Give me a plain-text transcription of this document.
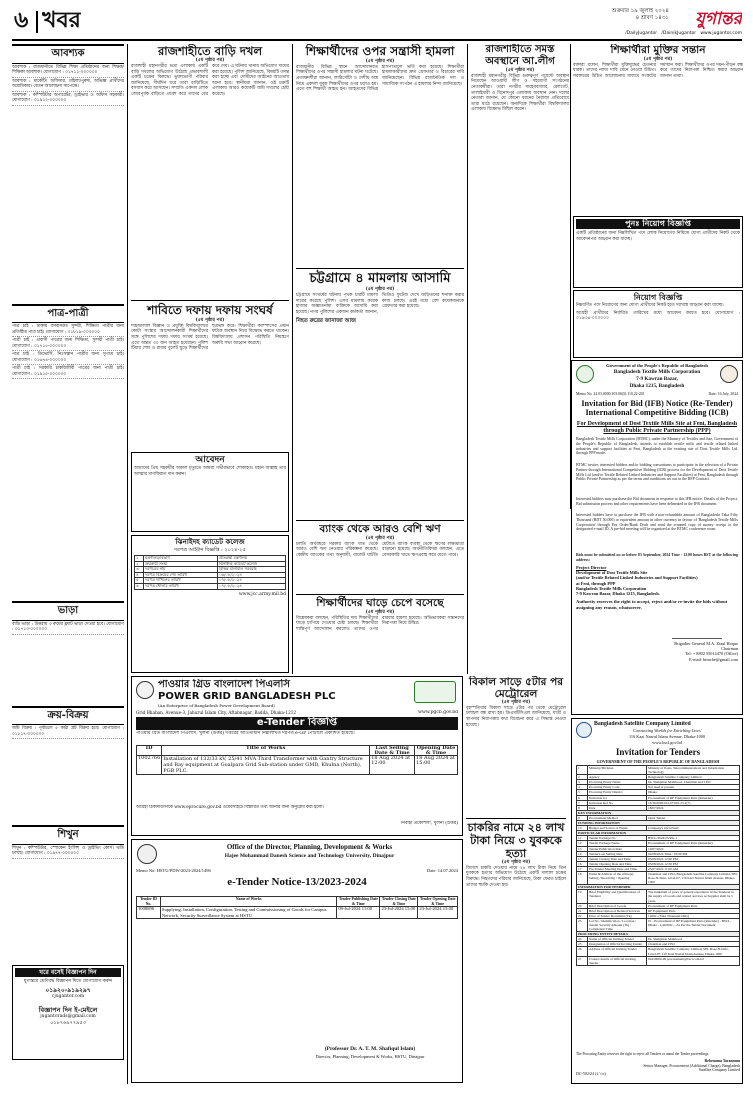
৬ খবর	শুক্রবার ১৯ জুলাই ২০২৪
৪ শ্রাবণ ১৪৩১	যুগান্তর
/DailyJugantor /DainikJugantor www.jugantor.com
আবশ্যক
আবশ্যক : রাজধানীতে বিভিন্ন শিক্ষা প্রতিষ্ঠানের জন্য শিক্ষক/শিক্ষিকা আবশ্যক। যোগাযোগ : ০১৭১১-০০০০০০
আবশ্যক : মার্কেটিং অফিসার, মহিলা/পুরুষ, অভিজ্ঞ প্রার্থীদের অগ্রাধিকার। বেতন আলোচনা সাপেক্ষে।
আবশ্যক : কম্পিউটার অপারেটর, ড্রাইভার ও অফিস সহকারী। যোগাযোগ : ০১৯১২-০০০০০০
পাত্র-পাত্রী
পাত্র চাই : ঢাকায় বসবাসরত সুন্দরী, শিক্ষিতা পাত্রীর জন্য প্রতিষ্ঠিত পাত্র চাই। যোগাযোগ : ০১৮১৯-০০০০০০
পাত্রী চাই : প্রবাসী পাত্রের জন্য শিক্ষিতা, সুন্দরী পাত্রী চাই। যোগাযোগ : ০১৭১৫-০০০০০০
পাত্র চাই : ডিভোর্সি, নিঃসন্তান পাত্রীর জন্য সুপাত্র চাই। যোগাযোগ : ০১৬৭৪-০০০০০০
পাত্রী চাই : সরকারি চাকরিজীবী পাত্রের জন্য পাত্রী চাই। যোগাযোগ : ০১৯১৫-০০০০০০
ভাড়া
বাড়ি ভাড়া : উত্তরায় ৩ রুমের ফ্ল্যাট ভাড়া দেওয়া হবে। যোগাযোগ : ০১৭১৩-০০০০০০
ক্রয়-বিক্রয়
জমি বিক্রয় : পূর্বাচলে ৫ কাঠা প্লট বিক্রয় হবে। যোগাযোগ : ০১৮১৭-০০০০০০
শিখুন
শিখুন : কম্পিউটার, স্পোকেন ইংলিশ ও ড্রাইভিং কোর্স। ভর্তি চলছে। যোগাযোগ : ০১৯৭৭-০০০০০০
ঘরে বসেই বিজ্ঞাপন দিন
যুগান্তরে শ্রেণিবদ্ধ বিজ্ঞাপন দিতে যোগাযোগ করুন
০১৯২০-৯১৯২৯৭
cjugantor.com
বিজ্ঞাপন দিন ই-মেইলে
jugantorads@gmail.com
০১৮৭৬৯৭৭৯৫৩
রাজশাহীতে বাড়ি দখল
(৫ম পৃষ্ঠার পর)
রাজশাহী মহানগরীর ভদ্রা এলাকায় একটি বাড়ি দখলের অভিযোগ উঠেছে প্রভাবশালী একটি চক্রের বিরুদ্ধে। ভুক্তভোগী পরিবার জানিয়েছে, দীর্ঘদিন ধরে তারা বাড়িটিতে বসবাস করে আসছেন। সম্প্রতি একদল লোক জোরপূর্বক বাড়িতে প্রবেশ করে তাদের বের করে দেয়। এ ঘটনায় থানায় অভিযোগ দায়ের করা হয়েছে। পুলিশ জানিয়েছে, বিষয়টি তদন্ত করা হচ্ছে এবং দোষীদের আইনের আওতায় আনা হবে। স্থানীয়রা জানান, ওই চক্রটি এলাকায় আরও কয়েকটি জমি দখলের চেষ্টা করেছে।
শাবিতে দফায় দফায় সংঘর্ষ
(৫ম পৃষ্ঠার পর)
শাহজালাল বিজ্ঞান ও প্রযুক্তি বিশ্ববিদ্যালয়ে কোটা সংস্কার আন্দোলনকারী শিক্ষার্থীদের সঙ্গে পুলিশের দফায় দফায় সংঘর্ষ হয়েছে। এতে অন্তত ৩০ জন আহত হয়েছেন। পুলিশ টিয়ার শেল ও রাবার বুলেট ছুড়ে শিক্ষার্থীদের ছত্রভঙ্গ করে। শিক্ষার্থীরা ক্যাম্পাসের প্রধান ফটকে অবস্থান নিয়ে বিক্ষোভ করতে থাকেন। বিশ্ববিদ্যালয় প্রশাসন পরিস্থিতি নিয়ন্ত্রণে জরুরি সভা আহ্বান করেছে।
আবেদন
আমাদের প্রিয় সহকর্মীর অকাল মৃত্যুতে আমরা গভীরভাবে শোকাহত। মহান আল্লাহ তার আত্মার মাগফিরাত দান করুন।
ঝিনাইদহ ক্যাডেট কলেজ
দরপত্র আহ্বান বিজ্ঞপ্তি : ২০২৪-২৫
১	মন্ত্রণালয়/বিভাগ	প্রতিরক্ষা মন্ত্রণালয়
২	ক্রয়কারী সংস্থা	ঝিনাইদহ ক্যাডেট কলেজ
৩	দরপত্রের নাম	বিভিন্ন মালামাল সরবরাহ
৪	দরপত্র বিক্রয়ের শেষ তারিখ	০৬/০৮/২০২৪
৫	দরপত্র দাখিলের তারিখ	০৭/০৮/২০২৪
৬	দরপত্র খোলার তারিখ	০৭/০৮/২০২৪
www.jcc.army.mil.bd
পাওয়ার গ্রিড বাংলাদেশ পিএলসি
POWER GRID BANGLADESH PLC
(An Enterprise of Bangladesh Power Development Board)
Grid Bhaban, Avenue-3, Jahurul Islam City, Aftabnagar, Badda, Dhaka-1212	www.pgcb.gov.bd
e-Tender বিজ্ঞপ্তি
পাওয়ার গ্রিড বাংলাদেশ পিএলসি, খুলনা (উত্তর) দপ্তরের আওতাধীন নিম্নলিখিত দরপত্র e-GP পোর্টালে প্রকাশিত হয়েছে।
ID	Title of Works	Last Selling Date & Time	Opening Date & Time
1002766	Installation of 132/33 kV, 25/41 MVA Third Transformer with Gantry Structure and Bay equipment at Goalpara Grid Sub-station under GMD, Khulna (North), PGB PLC.	18 Aug 2024 at 12:00	18 Aug 2024 at 15:00
আগ্রহী ঠিকাদারগণকে www.eprocure.gov.bd ওয়েবসাইটে বিস্তারিত তথ্য জানার জন্য অনুরোধ করা হলো।
নির্বাহী প্রকৌশলী, খুলনা (উত্তর)
Office of the Director, Planning, Development & Works
Hajee Mohammad Danesh Science and Technology University, Dinajpur
Memo No: HSTU/PDW/2023-2024/1496	Date: 14.07.2024
e-Tender Notice-13/2023-2024
Tender ID No.	Name of Works	Tender Publishing Date & Time	Tender Closing Date & Time	Tender Opening Date & Time
1008896	Supplying, Installation, Configuration, Testing and Commissioning of Goods for Campus Network, Security Surveillance System at HSTU	09-Jul-2024 11:00	23-Jul-2024 15:00	23-Jul-2024 15:00
(Professor Dr. A. T. M. Shafiqul Islam)
Director, Planning, Development & Works, HSTU, Dinajpur
শিক্ষার্থীদের ওপর সন্ত্রাসী হামলা
(৫ম পৃষ্ঠার পর)
রাজধানীর বিভিন্ন স্থানে আন্দোলনরত শিক্ষার্থীদের ওপর সন্ত্রাসী হামলার ঘটনা ঘটেছে। প্রত্যক্ষদর্শীরা জানান, লাঠিসোঁটা ও দেশীয় অস্ত্র নিয়ে একদল যুবক শিক্ষার্থীদের ওপর চড়াও হয়। এতে বহু শিক্ষার্থী আহত হন। আহতদের বিভিন্ন হাসপাতালে ভর্তি করা হয়েছে। শিক্ষার্থীরা হামলাকারীদের দ্রুত গ্রেফতার ও বিচারের দাবি জানিয়েছেন। বিভিন্ন রাজনৈতিক দল ও সামাজিক সংগঠন এ হামলার নিন্দা জানিয়েছে।
চট্টগ্রামে ৪ মামলায় আসামি
(৫ম পৃষ্ঠার পর)
চট্টগ্রামে সংঘর্ষের ঘটনায় পৃথক চারটি মামলা দায়ের করেছে পুলিশ। এসব মামলায় কয়েক হাজার অজ্ঞাতনামা ব্যক্তিকে আসামি করা হয়েছে। নগর পুলিশের একজন কর্মকর্তা জানান, ভিডিও ফুটেজ দেখে জড়িতদের শনাক্ত করার কাজ চলছে। এরই মধ্যে বেশ কয়েকজনকে গ্রেফতার করা হয়েছে।
নিহত রুদ্রের জানাজা আজ
ব্যাংক থেকে আরও বেশি ঋণ
(৫ম পৃষ্ঠার পর)
চলতি অর্থবছরে সরকার ব্যাংক খাত থেকে আরও বেশি ঋণ নেওয়ার পরিকল্পনা করেছে। কেন্দ্রীয় ব্যাংকের তথ্য অনুযায়ী, বাজেট ঘাটতি মেটাতে ব্যাংক ব্যবস্থা থেকে ঋণের লক্ষ্যমাত্রা বাড়ানো হয়েছে। অর্থনীতিবিদরা বলছেন, এতে বেসরকারি খাতে ঋণপ্রবাহ কমে যেতে পারে।
শিক্ষার্থীদের ঘাড়ে চেপে বসেছে
(৫ম পৃষ্ঠার পর)
বিশ্লেষকরা বলছেন, পরিস্থিতির দায় শিক্ষার্থীদের ঘাড়ে চাপিয়ে দেওয়ার চেষ্টা চলছে। শিক্ষার্থীরা শান্তিপূর্ণ আন্দোলন করলেও তাদের ওপর বারবার হামলা হয়েছে। অভিভাবকরা সন্তানদের নিরাপত্তা নিয়ে উদ্বিগ্ন।
বিকাল সাড়ে ৫টার পর মেট্রোরেল
(৫ম পৃষ্ঠার পর)
বৃহস্পতিবার বিকাল সাড়ে ৫টার পর থেকে মেট্রোরেল চলাচল বন্ধ রাখা হয়। ডিএমটিসিএল জানিয়েছে, যাত্রী ও স্থাপনার নিরাপত্তার কথা বিবেচনা করে এ সিদ্ধান্ত নেওয়া হয়েছে।
চাকরির নামে ২৪ লাখ টাকা নিয়ে ৩ যুবককে হত্যা
(৫ম পৃষ্ঠার পর)
বিদেশে চাকরি দেওয়ার নামে ২৪ লাখ টাকা নিয়ে তিন যুবককে হত্যার অভিযোগ উঠেছে একটি দালাল চক্রের বিরুদ্ধে। নিহতদের পরিবার জানিয়েছে, টাকা ফেরত চাইলে তাদের হুমকি দেওয়া হয়।
রাজশাহীতে সমস্ত অবস্থানে আ.লীগ
(৫ম পৃষ্ঠার পর)
রাজশাহী মহানগরীর বিভিন্ন গুরুত্বপূর্ণ পয়েন্টে অবস্থান নিয়েছেন আওয়ামী লীগ ও সহযোগী সংগঠনের নেতাকর্মীরা। তারা নগরীর সাহেববাজার, রেলগেট, তালাইমারী ও বিনোদপুর এলাকায় অবস্থান নেন। দলের নেতারা জানান, যে কোনো ধরনের নৈরাজ্য প্রতিরোধে তারা মাঠে রয়েছেন। অন্যদিকে শিক্ষার্থীরা বিশ্ববিদ্যালয় এলাকায় বিক্ষোভ মিছিল করেন।
শিক্ষার্থীরা মুক্তির সন্তান
(৫ম পৃষ্ঠার পর)
বক্তারা বলেন, শিক্ষার্থীরা মুক্তিযুদ্ধের চেতনার ধারক। তাদের ন্যায্য দাবি মেনে নেওয়া উচিত। সরকারের উচিত আলোচনার মাধ্যমে সংকটের সমাধান করা। শিক্ষার্থীদের ওপর দমন-পীড়ন বন্ধ করে তাদের নিরাপত্তা নিশ্চিত করার আহ্বান জানান তারা।
পুনঃ নিয়োগ বিজ্ঞপ্তি
একটি প্রতিষ্ঠানের জন্য নিম্নলিখিত পদে লোক নিয়োগের নিমিত্তে যোগ্য প্রার্থীদের নিকট থেকে আবেদনপত্র আহ্বান করা যাচ্ছে।
নিয়োগ বিজ্ঞপ্তি
নিম্নবর্ণিত পদে নিয়োগের জন্য যোগ্য প্রার্থীদের নিকট হতে দরখাস্ত আহ্বান করা যাচ্ছে।
আগ্রহী প্রার্থীদের নির্ধারিত তারিখের মধ্যে আবেদন করতে হবে। যোগাযোগ : ০১৯৩৪-০০০০০০
Government of the People's Republic of Bangladesh
Bangladesh Textile Mills Corporation
7-9 Kawran Bazar,
Dhaka 1215, Bangladesh
Memo No. 24.03.0000.103.06(5).110.22-201	Date: 16 July, 2024
Invitation for Bid (IFB) Notice (Re-Tender) International Competitive Bidding (ICB)
For Development of Dost Textile Mills Site at Feni, Bangladesh through Public Private Partnership (PPP)
Bangladesh Textile Mills Corporation (BTMC), under the Ministry of Textiles and Jute, Government of the People's Republic of Bangladesh, intends to establish textile mills and textile related linked industries and support facilities at Feni, Bangladesh at the existing site of Dost Textile Mills Ltd. through PPP mode.
BTMC invites interested bidders and/or bidding consortiums to participate in the selection of a Private Partner through International Competitive Bidding (ICB) process for the Development of Dost Textile Mills Ltd (and/or Textile Related Linked Industries and Support Facilities) at Feni, Bangladesh through Public Private Partnership as per the terms and conditions set out in the RFP Contract.
Interested bidders may purchase the Bid document in response to this IFB notice. Details of the Project, Bid submission process and other requirements have been delineated in the IFB document.
Interested bidders have to purchase the IFB with a non-refundable amount of Bangladeshi Taka Fifty Thousand (BDT 50,000) or equivalent amount in other currency in favour of 'Bangladesh Textile Mills Corporation' through Pay Order/Bank Draft and send the scanned copy of money receipt to the designated e-mail ID. A pre-bid meeting will be organized at the BTMC conference room.
Bids must be submitted on or before 03 September, 2024 Time - 12.00 hours BST at the following address:
Project Director
Development of Dost Textile Mills Site
(and/or Textile Related Linked Industries and Support Facilities)
at Feni, through PPP
Bangladesh Textile Mills Corporation
7-9 Kawran Bazar, Dhaka 1215, Bangladesh.
Authority reserves the right to accept, reject and/or re-invite the bids without assigning any reason, whatsoever.
Brigadier General M.A. Ziaul Hoque
Chairman
Tel: + 8802 55014470 (Office)
E-mail: btmche@gmail.com
Bangladesh Satellite Company Limited
'Connecting Worlds for Enriching Lives'
116 Kazi Nazrul Islam Avenue, Dhaka-1000
www.bscl.gov.bd
Invitation for Tenders
GOVERNMENT OF THE PEOPLE'S REPUBLIC OF BANGLADESH
1	Ministry/Division	Ministry of Posts, Telecommunications and Information Technology
2	Agency	Bangladesh Satellite Company Limited
3	Procuring Entity Name	Dr. Shahjahan Mahmood, Chairman and CEO
4	Procuring Entity Code	Not used at present
5	Procuring Entity District	Dhaka
6	Invitation for	Procurement of RF Equipment Parts (Retender)
7	Invitation Ref No	16.39.0000.012.07.001.23-1(7)
8	Date	18/07/2024
KEY INFORMATION		
9	Procurement Method	Open Tender
FUNDING INFORMATION		
10	Budget and Source of Funds	Company's Own Fund
PARTICULAR INFORMATION		
11	Tender Package No	BSCL/2024/25/RG-1
12	Tender Package Name	Procurement of RF Equipment Parts (Retender)
13	Tender Publication Date	19/07/2024
14	Tender Last Selling Date	04/08/2024 Time : 05:00 PM
15	Tender Closing Date and Time	05/08/2024 12:00 PM
16	Tender Opening Date and Time	05/08/2024 12:30 PM
17	Pre-Tender Meeting Date and Time	23/07/2024 11:00 AM
18	Name & Address of the office(s) - Selling / Receiving / Opening	Chairman and CEO, Bangladesh Satellite Company Limited, SEL Rose-N-Dale, Level-07, 116 Kazi Nazrul Islam Avenue, Dhaka-1000
INFORMATION FOR TENDERER		
19	Brief Eligibility and Qualifications of Tenderer	The minimum of years of general experience of the Tenderer in the supply of Goods and related services as Supplier shall be 5 years.
20	Brief Description of Goods	Procurement of RF Equipment Parts
21	Brief Description of Related Services	RF Equipment Parts
22	Price of Tender Document (Tk)	1,000/- (Taka Thousand Only)
23	Lot No / Identification / Location / Tender Security Amount (Tk) / Completion Time	01 - Procurement of RF Equipment Parts (Retender) - BSCL, Dhaka - 2,40,000/- - As Per the Tender Document
PROCURING ENTITY DETAILS		
24	Name of Official Inviting Tender	Dr. Shahjahan Mahmood
25	Designation of Official Inviting Tender	Chairman and CEO
26	Address of Official Inviting Tender	Bangladesh Satellite Company Limited, SEL Rose-N-Dale, Level-07, 116 Kazi Nazrul Islam Avenue, Dhaka-1000
27	Contact details of Official Inviting Tender	02410000-99 procurement@bscl.com.bd
The Procuring Entity reserves the right to reject all Tenders or annul the Tender proceedings.
DC-502/24 (৫'×৬)
Rehenuma Tarannum
Senior Manager, Procurement (Additional Charge), Bangladesh Satellite Company Limited
